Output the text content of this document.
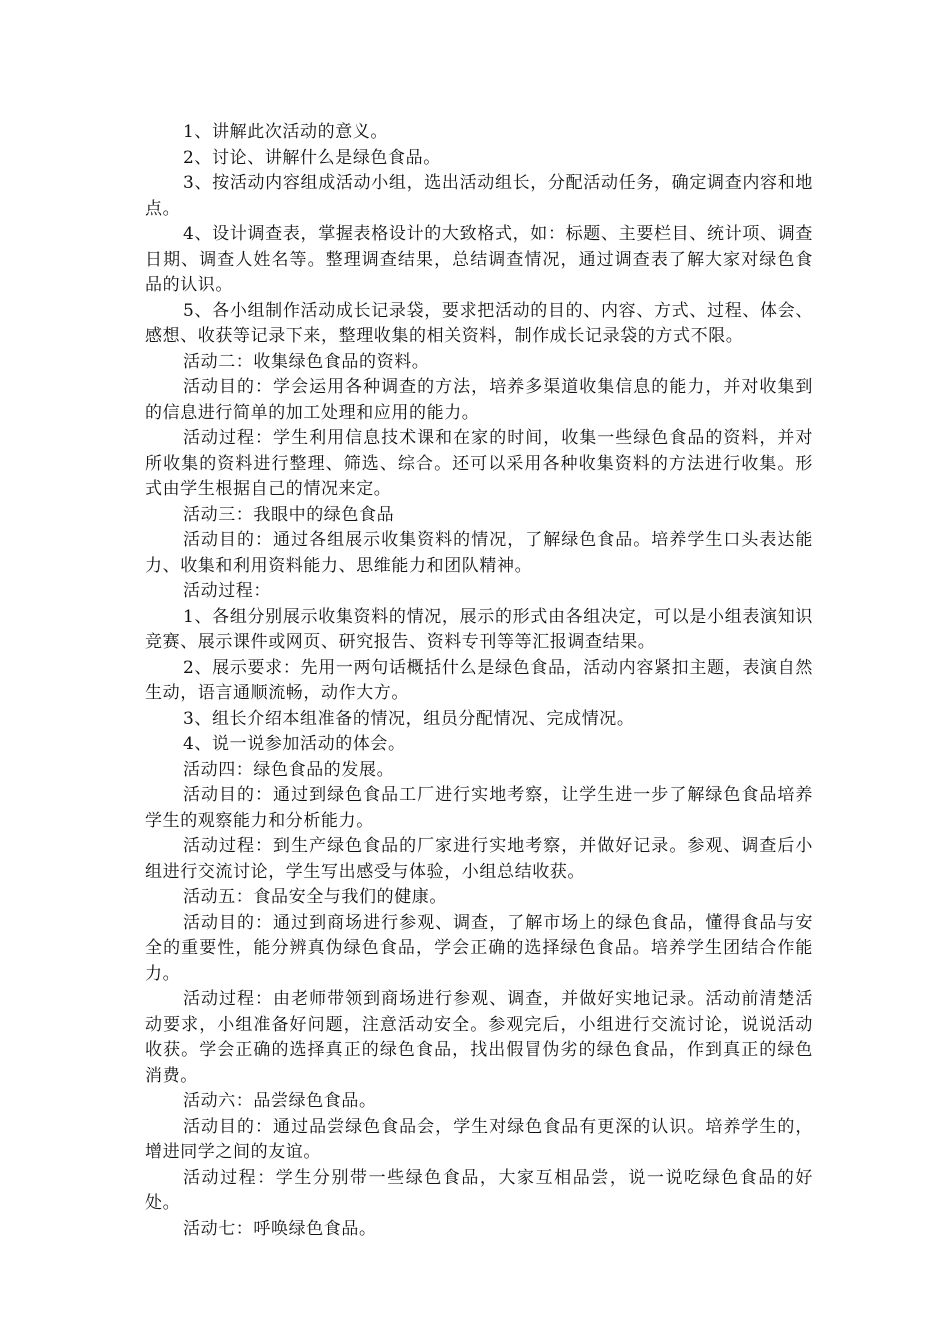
1、讲解此次活动的意义。

2、讨论、讲解什么是绿色食品。

3、按活动内容组成活动小组，选出活动组长，分配活动任务，确定调查内容和地点。

4、设计调查表，掌握表格设计的大致格式，如：标题、主要栏目、统计项、调查日期、调查人姓名等。整理调查结果，总结调查情况，通过调查表了解大家对绿色食品的认识。

5、各小组制作活动成长记录袋，要求把活动的目的、内容、方式、过程、体会、感想、收获等记录下来，整理收集的相关资料，制作成长记录袋的方式不限。

活动二：收集绿色食品的资料。

活动目的：学会运用各种调查的方法，培养多渠道收集信息的能力，并对收集到的信息进行简单的加工处理和应用的能力。

活动过程：学生利用信息技术课和在家的时间，收集一些绿色食品的资料，并对所收集的资料进行整理、筛选、综合。还可以采用各种收集资料的方法进行收集。形式由学生根据自己的情况来定。

活动三：我眼中的绿色食品

活动目的：通过各组展示收集资料的情况，了解绿色食品。培养学生口头表达能力、收集和利用资料能力、思维能力和团队精神。

活动过程：

1、各组分别展示收集资料的情况，展示的形式由各组决定，可以是小组表演知识竞赛、展示课件或网页、研究报告、资料专刊等等汇报调查结果。

2、展示要求：先用一两句话概括什么是绿色食品，活动内容紧扣主题，表演自然生动，语言通顺流畅，动作大方。

3、组长介绍本组准备的情况，组员分配情况、完成情况。

4、说一说参加活动的体会。

活动四：绿色食品的发展。

活动目的：通过到绿色食品工厂进行实地考察，让学生进一步了解绿色食品培养学生的观察能力和分析能力。

活动过程：到生产绿色食品的厂家进行实地考察，并做好记录。参观、调查后小组进行交流讨论，学生写出感受与体验，小组总结收获。

活动五：食品安全与我们的健康。

活动目的：通过到商场进行参观、调查，了解市场上的绿色食品，懂得食品与安全的重要性，能分辨真伪绿色食品，学会正确的选择绿色食品。培养学生团结合作能力。

活动过程：由老师带领到商场进行参观、调查，并做好实地记录。活动前清楚活动要求，小组准备好问题，注意活动安全。参观完后，小组进行交流讨论，说说活动收获。学会正确的选择真正的绿色食品，找出假冒伪劣的绿色食品，作到真正的绿色消费。

活动六：品尝绿色食品。

活动目的：通过品尝绿色食品会，学生对绿色食品有更深的认识。培养学生的，增进同学之间的友谊。

活动过程：学生分别带一些绿色食品，大家互相品尝，说一说吃绿色食品的好处。

活动七：呼唤绿色食品。
